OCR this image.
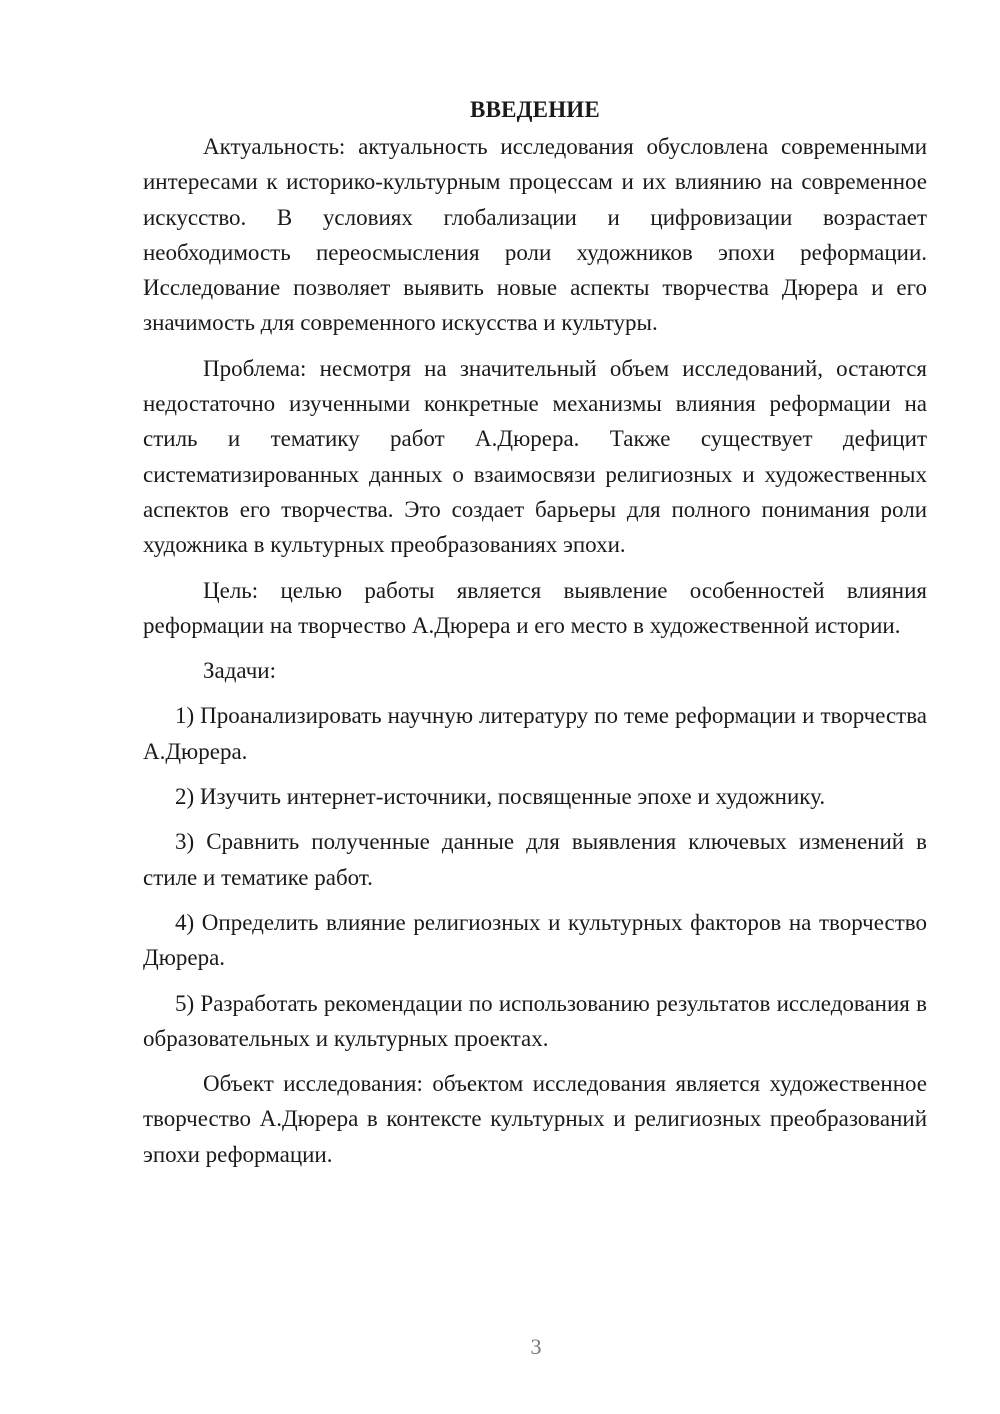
ВВЕДЕНИЕ

Актуальность: актуальность исследования обусловлена современными интересами к историко-культурным процессам и их влиянию на современное искусство. В условиях глобализации и цифровизации возрастает необходимость переосмысления роли художников эпохи реформации. Исследование позволяет выявить новые аспекты творчества Дюрера и его значимость для современного искусства и культуры.

Проблема: несмотря на значительный объем исследований, остаются недостаточно изученными конкретные механизмы влияния реформации на стиль и тематику работ А.Дюрера. Также существует дефицит систематизированных данных о взаимосвязи религиозных и художественных аспектов его творчества. Это создает барьеры для полного понимания роли художника в культурных преобразованиях эпохи.

Цель: целью работы является выявление особенностей влияния реформации на творчество А.Дюрера и его место в художественной истории.

Задачи:

1) Проанализировать научную литературу по теме реформации и творчества А.Дюрера.

2) Изучить интернет-источники, посвященные эпохе и художнику.

3) Сравнить полученные данные для выявления ключевых изменений в стиле и тематике работ.

4) Определить влияние религиозных и культурных факторов на творчество Дюрера.

5) Разработать рекомендации по использованию результатов исследования в образовательных и культурных проектах.

Объект исследования: объектом исследования является художественное творчество А.Дюрера в контексте культурных и религиозных преобразований эпохи реформации.

3
